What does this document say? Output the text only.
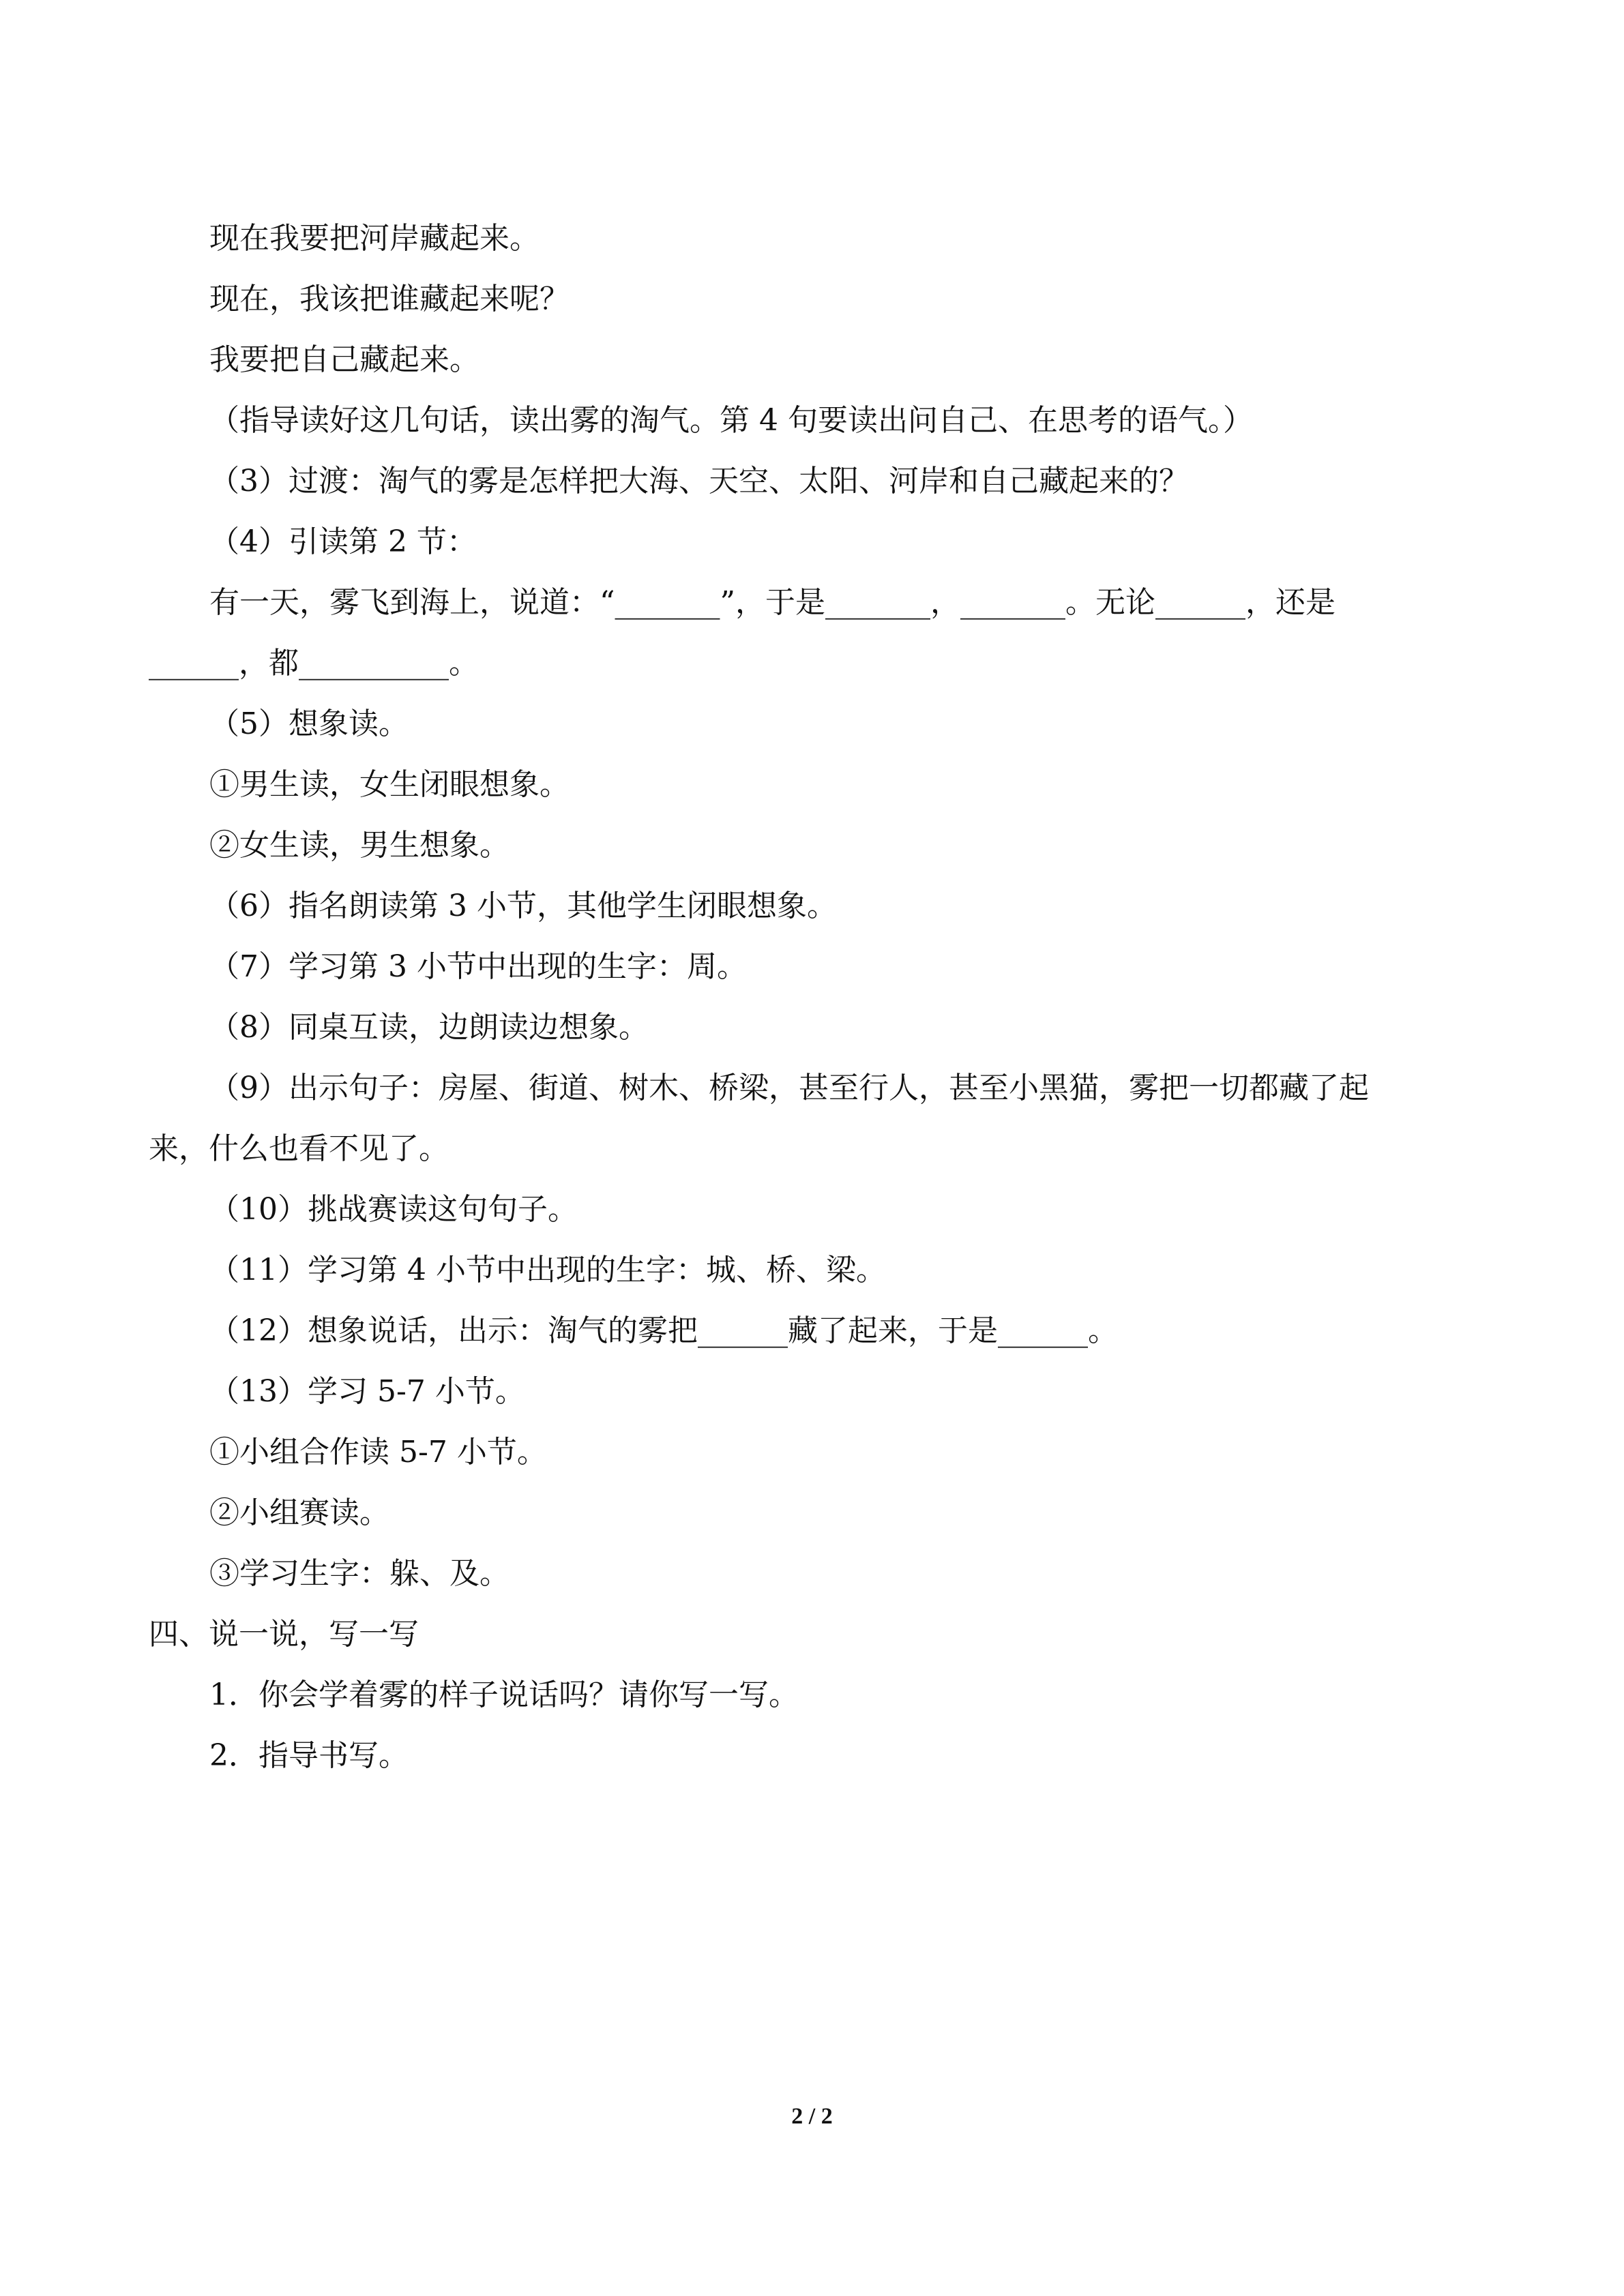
现在我要把河岸藏起来。

现在，我该把谁藏起来呢？

我要把自己藏起来。

（指导读好这几句话，读出雾的淘气。第 4 句要读出问自己、在思考的语气。）

（3）过渡：淘气的雾是怎样把大海、天空、太阳、河岸和自己藏起来的？

（4）引读第 2 节：

有一天，雾飞到海上，说道：“_______”，于是_______，_______。无论______，还是

______，都__________。

（5）想象读。

①男生读，女生闭眼想象。

②女生读，男生想象。

（6）指名朗读第 3 小节，其他学生闭眼想象。

（7）学习第 3 小节中出现的生字：周。

（8）同桌互读，边朗读边想象。

（9）出示句子：房屋、街道、树木、桥梁，甚至行人，甚至小黑猫，雾把一切都藏了起

来，什么也看不见了。

（10）挑战赛读这句句子。

（11）学习第 4 小节中出现的生字：城、桥、梁。

（12）想象说话，出示：淘气的雾把______藏了起来，于是______。

（13）学习 5-7 小节。

①小组合作读 5-7 小节。

②小组赛读。

③学习生字：躲、及。

四、说一说，写一写

1．你会学着雾的样子说话吗？请你写一写。

2．指导书写。

2 / 2
